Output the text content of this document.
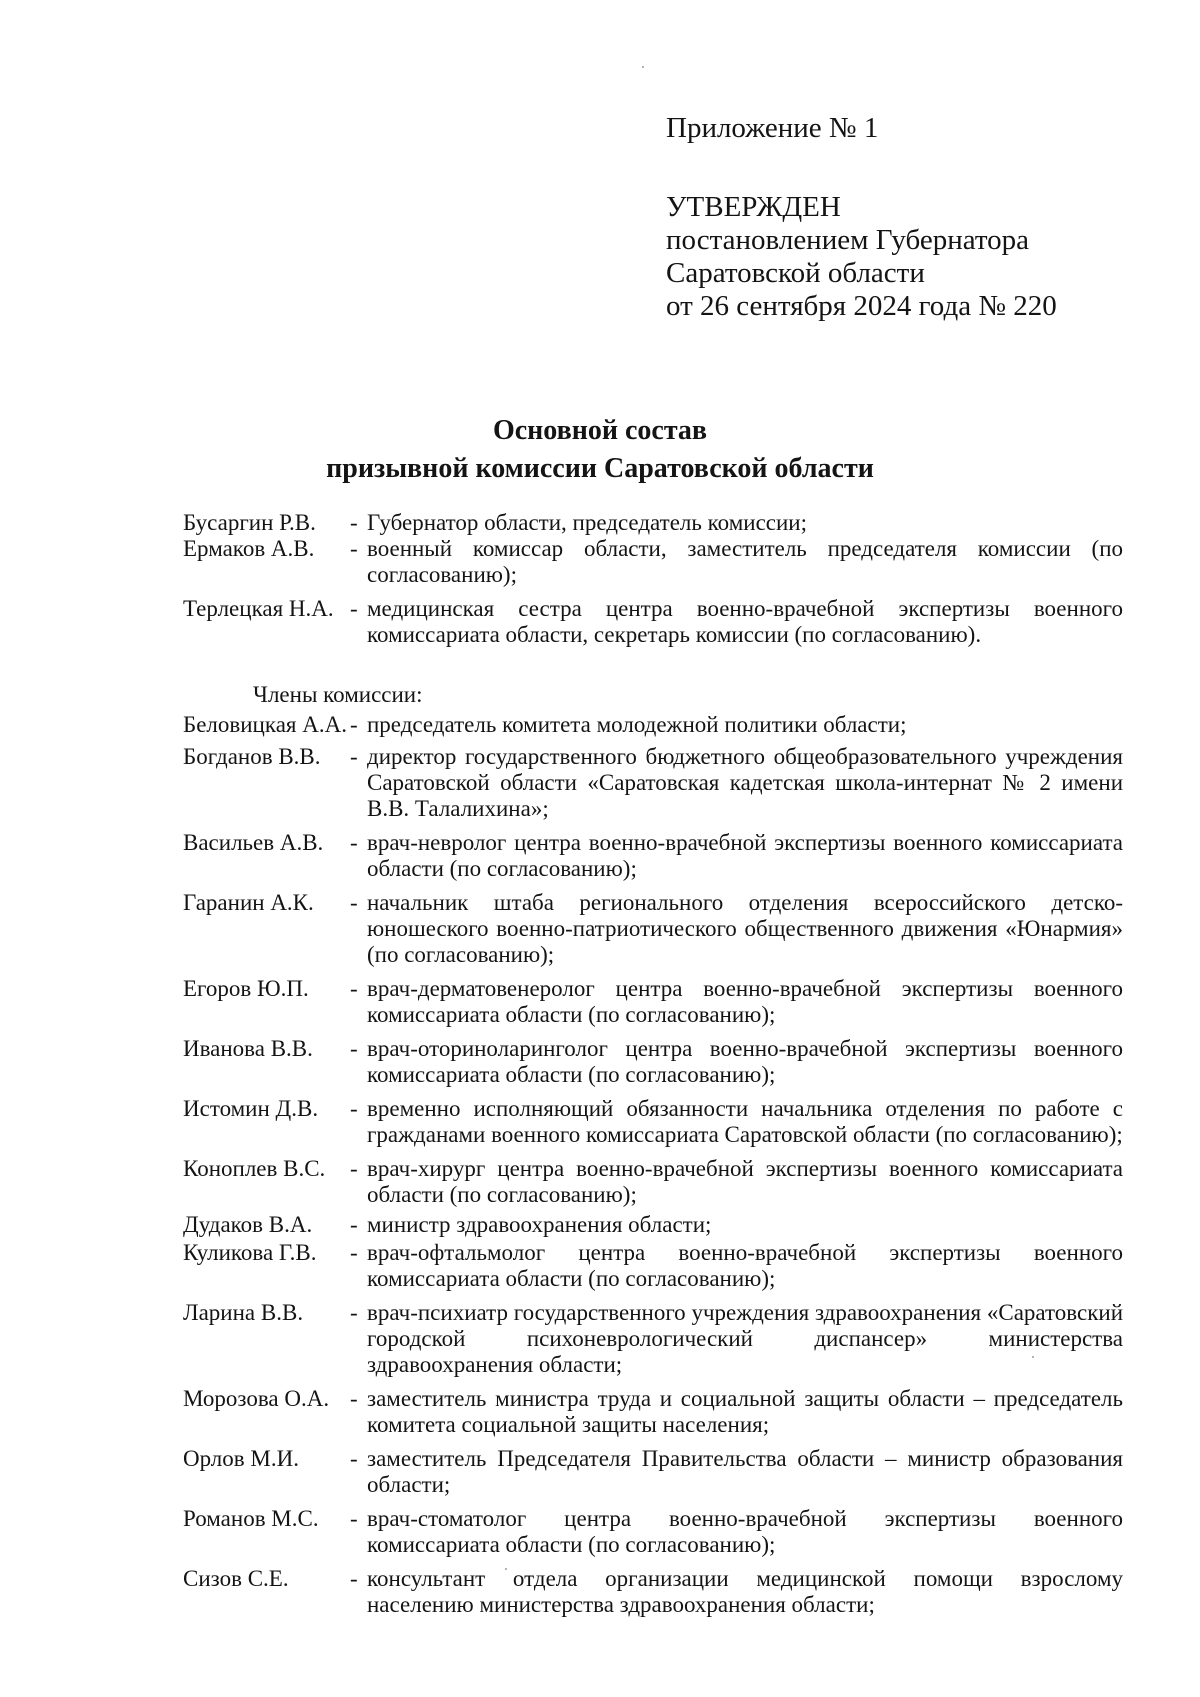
Приложение № 1
УТВЕРЖДЕН
постановлением Губернатора
Саратовской области
от 26 сентября 2024 года № 220
Основной состав
призывной комиссии Саратовской области
Бусаргин Р.В.	- Губернатор области, председатель комиссии;
Ермаков А.В.	- военный комиссар области, заместитель председателя комиссии (по согласованию);
Терлецкая Н.А. - медицинская сестра центра военно-врачебной экспертизы военного комиссариата области, секретарь комиссии (по согласованию).
Члены комиссии:
Беловицкая А.А. - председатель комитета молодежной политики области;
Богданов В.В.	- директор государственного бюджетного общеобразовательного учреждения Саратовской области «Саратовская кадетская школа-интернат № 2 имени В.В. Талалихина»;
Васильев А.В.	- врач-невролог центра военно-врачебной экспертизы военного комиссариата области (по согласованию);
Гаранин А.К.	- начальник штаба регионального отделения всероссийского детско-юношеского военно-патриотического общественного движения «Юнармия» (по согласованию);
Егоров Ю.П.	- врач-дерматовенеролог центра военно-врачебной экспертизы военного комиссариата области (по согласованию);
Иванова В.В.	- врач-оториноларинголог центра военно-врачебной экспертизы военного комиссариата области (по согласованию);
Истомин Д.В.	- временно исполняющий обязанности начальника отделения по работе с гражданами военного комиссариата Саратовской области (по согласованию);
Коноплев В.С.	- врач-хирург центра военно-врачебной экспертизы военного комиссариата области (по согласованию);
Дудаков В.А.	- министр здравоохранения области;
Куликова Г.В.	- врач-офтальмолог центра военно-врачебной экспертизы военного комиссариата области (по согласованию);
Ларина В.В.	- врач-психиатр государственного учреждения здравоохранения «Саратовский городской психоневрологический диспансер» министерства здравоохранения области;
Морозова О.А. - заместитель министра труда и социальной защиты области – председатель комитета социальной защиты населения;
Орлов М.И.	- заместитель Председателя Правительства области – министр образования области;
Романов М.С.	- врач-стоматолог центра военно-врачебной экспертизы военного комиссариата области (по согласованию);
Сизов С.Е.	- консультант отдела организации медицинской помощи взрослому населению министерства здравоохранения области;
